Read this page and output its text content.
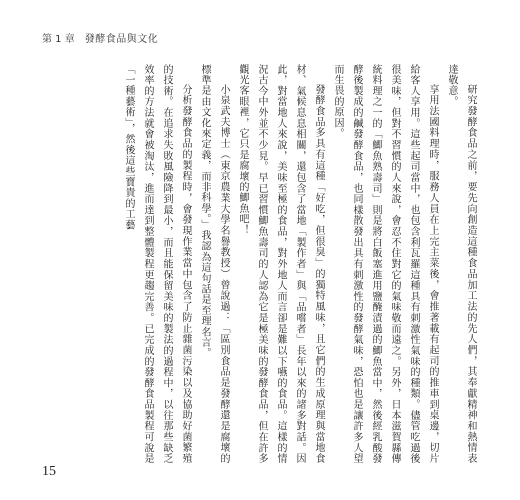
第 1 章 發酵食品與文化

研究發酵食品之前，要先向創造這種食品加工法的先人們，其奉獻精神和熱情表達敬意。

享用法國料理時，服務人員在上完主菜後，會推著載有起司的推車到桌邊，切片給客人享用。這些起司當中，也包含利瓦羅這種具有刺激性氣味的種類。儘管吃過後很美味，但對不習慣的人來說，會忍不住對它的氣味敬而遠之。另外，日本滋賀縣傳統料理之一的「鯽魚熟壽司」則是將白飯塞進用鹽醃漬過的鯽魚當中，然後經乳酸發酵後製成的鹹發酵食品，也同樣散發出具有刺激性的發酵氣味，恐怕也是讓許多人望而生畏的原因。

發酵食品多具有這種「好吃，但很臭」的獨特風味，且它們的生成原理與當地食材、氣候息息相關，還包含了當地「製作者」與「品嚐者」長年以來的諸多對話。因此，對當地人來說，美味至極的食品，對外地人而言卻是難以下嚥的食品。這樣的情況古今中外並不少見。早已習慣鯽魚壽司的人認為它是極美味的發酵食品，但在許多觀光客眼裡，它只是腐壞的鯽魚吧！

小泉武夫博士（東京農業大學名譽教授）曾說過：「區別食品是發酵還是腐壞的標準是由文化來定義，而非科學。」我認為這句話是至理名言。

分析發酵食品的製程時，會發現作業當中包含了防止雜菌污染以及協助好菌繁殖的技術。在追求失敗風險降到最小，而且能保留美味的製法的過程中，以往那些缺乏效率的方法就會被淘汰，進而達到整體製程更趨完善。已完成的發酵食品製程可說是「一種藝術」，然後這些寶貴的工藝

15
